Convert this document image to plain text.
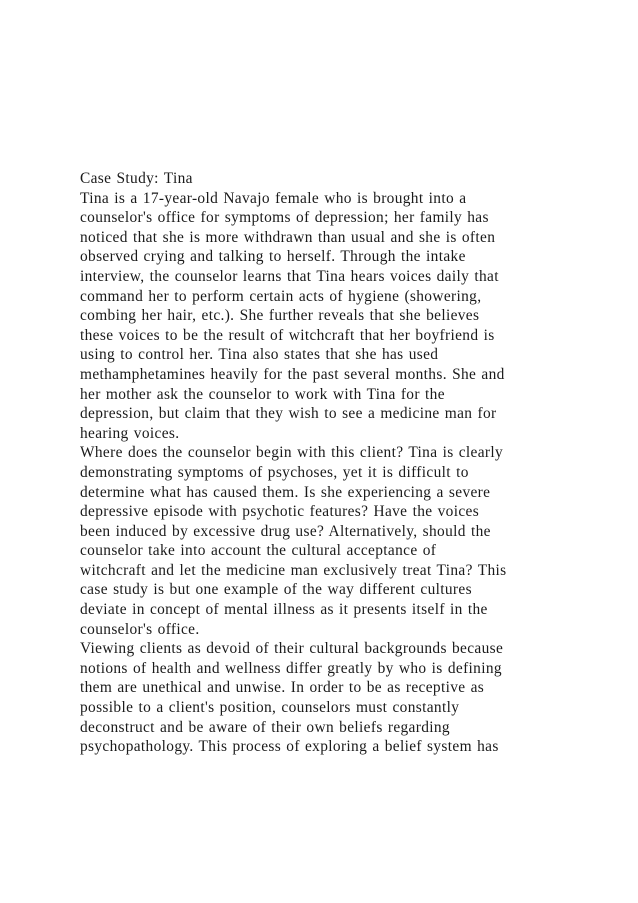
Case Study: Tina
Tina is a 17-year-old Navajo female who is brought into a
counselor's office for symptoms of depression; her family has
noticed that she is more withdrawn than usual and she is often
observed crying and talking to herself. Through the intake
interview, the counselor learns that Tina hears voices daily that
command her to perform certain acts of hygiene (showering,
combing her hair, etc.). She further reveals that she believes
these voices to be the result of witchcraft that her boyfriend is
using to control her. Tina also states that she has used
methamphetamines heavily for the past several months. She and
her mother ask the counselor to work with Tina for the
depression, but claim that they wish to see a medicine man for
hearing voices.
Where does the counselor begin with this client? Tina is clearly
demonstrating symptoms of psychoses, yet it is difficult to
determine what has caused them. Is she experiencing a severe
depressive episode with psychotic features? Have the voices
been induced by excessive drug use? Alternatively, should the
counselor take into account the cultural acceptance of
witchcraft and let the medicine man exclusively treat Tina? This
case study is but one example of the way different cultures
deviate in concept of mental illness as it presents itself in the
counselor's office.
Viewing clients as devoid of their cultural backgrounds because
notions of health and wellness differ greatly by who is defining
them are unethical and unwise. In order to be as receptive as
possible to a client's position, counselors must constantly
deconstruct and be aware of their own beliefs regarding
psychopathology. This process of exploring a belief system has
